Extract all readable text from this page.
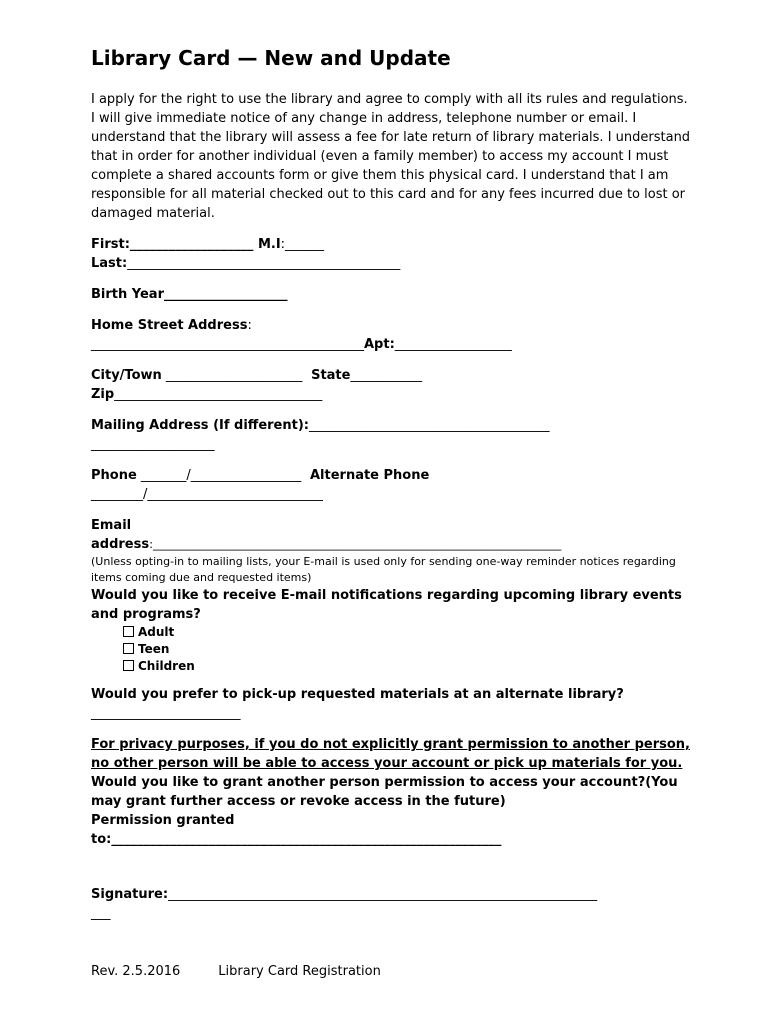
Library Card — New and Update

I apply for the right to use the library and agree to comply with all its rules and regulations. I will give immediate notice of any change in address, telephone number or email. I understand that the library will assess a fee for late return of library materials. I understand that in order for another individual (even a family member) to access my account I must complete a shared accounts form or give them this physical card. I understand that I am responsible for all material checked out to this card and for any fees incurred due to lost or damaged material.

First:___________________ M.I:______
Last:__________________________________________
Birth Year___________________
Home Street Address:
__________________________________________Apt:__________________
City/Town _____________________  State___________
Zip________________________________
Mailing Address (If different):_____________________________________
___________________
Phone _______/_________________  Alternate Phone
________/___________________________
Email
address:_______________________________________________________________________
(Unless opting-in to mailing lists, your E-mail is used only for sending one-way reminder notices regarding items coming due and requested items)
Would you like to receive E-mail notifications regarding upcoming library events and programs?
Adult
Teen
Children
Would you prefer to pick-up requested materials at an alternate library?
_______________________
For privacy purposes, if you do not explicitly grant permission to another person, no other person will be able to access your account or pick up materials for you.
Would you like to grant another person permission to access your account?(You may grant further access or revoke access in the future)
Permission granted
to:____________________________________________________________
Signature:__________________________________________________________________
___
Rev. 2.5.2016	Library Card Registration
